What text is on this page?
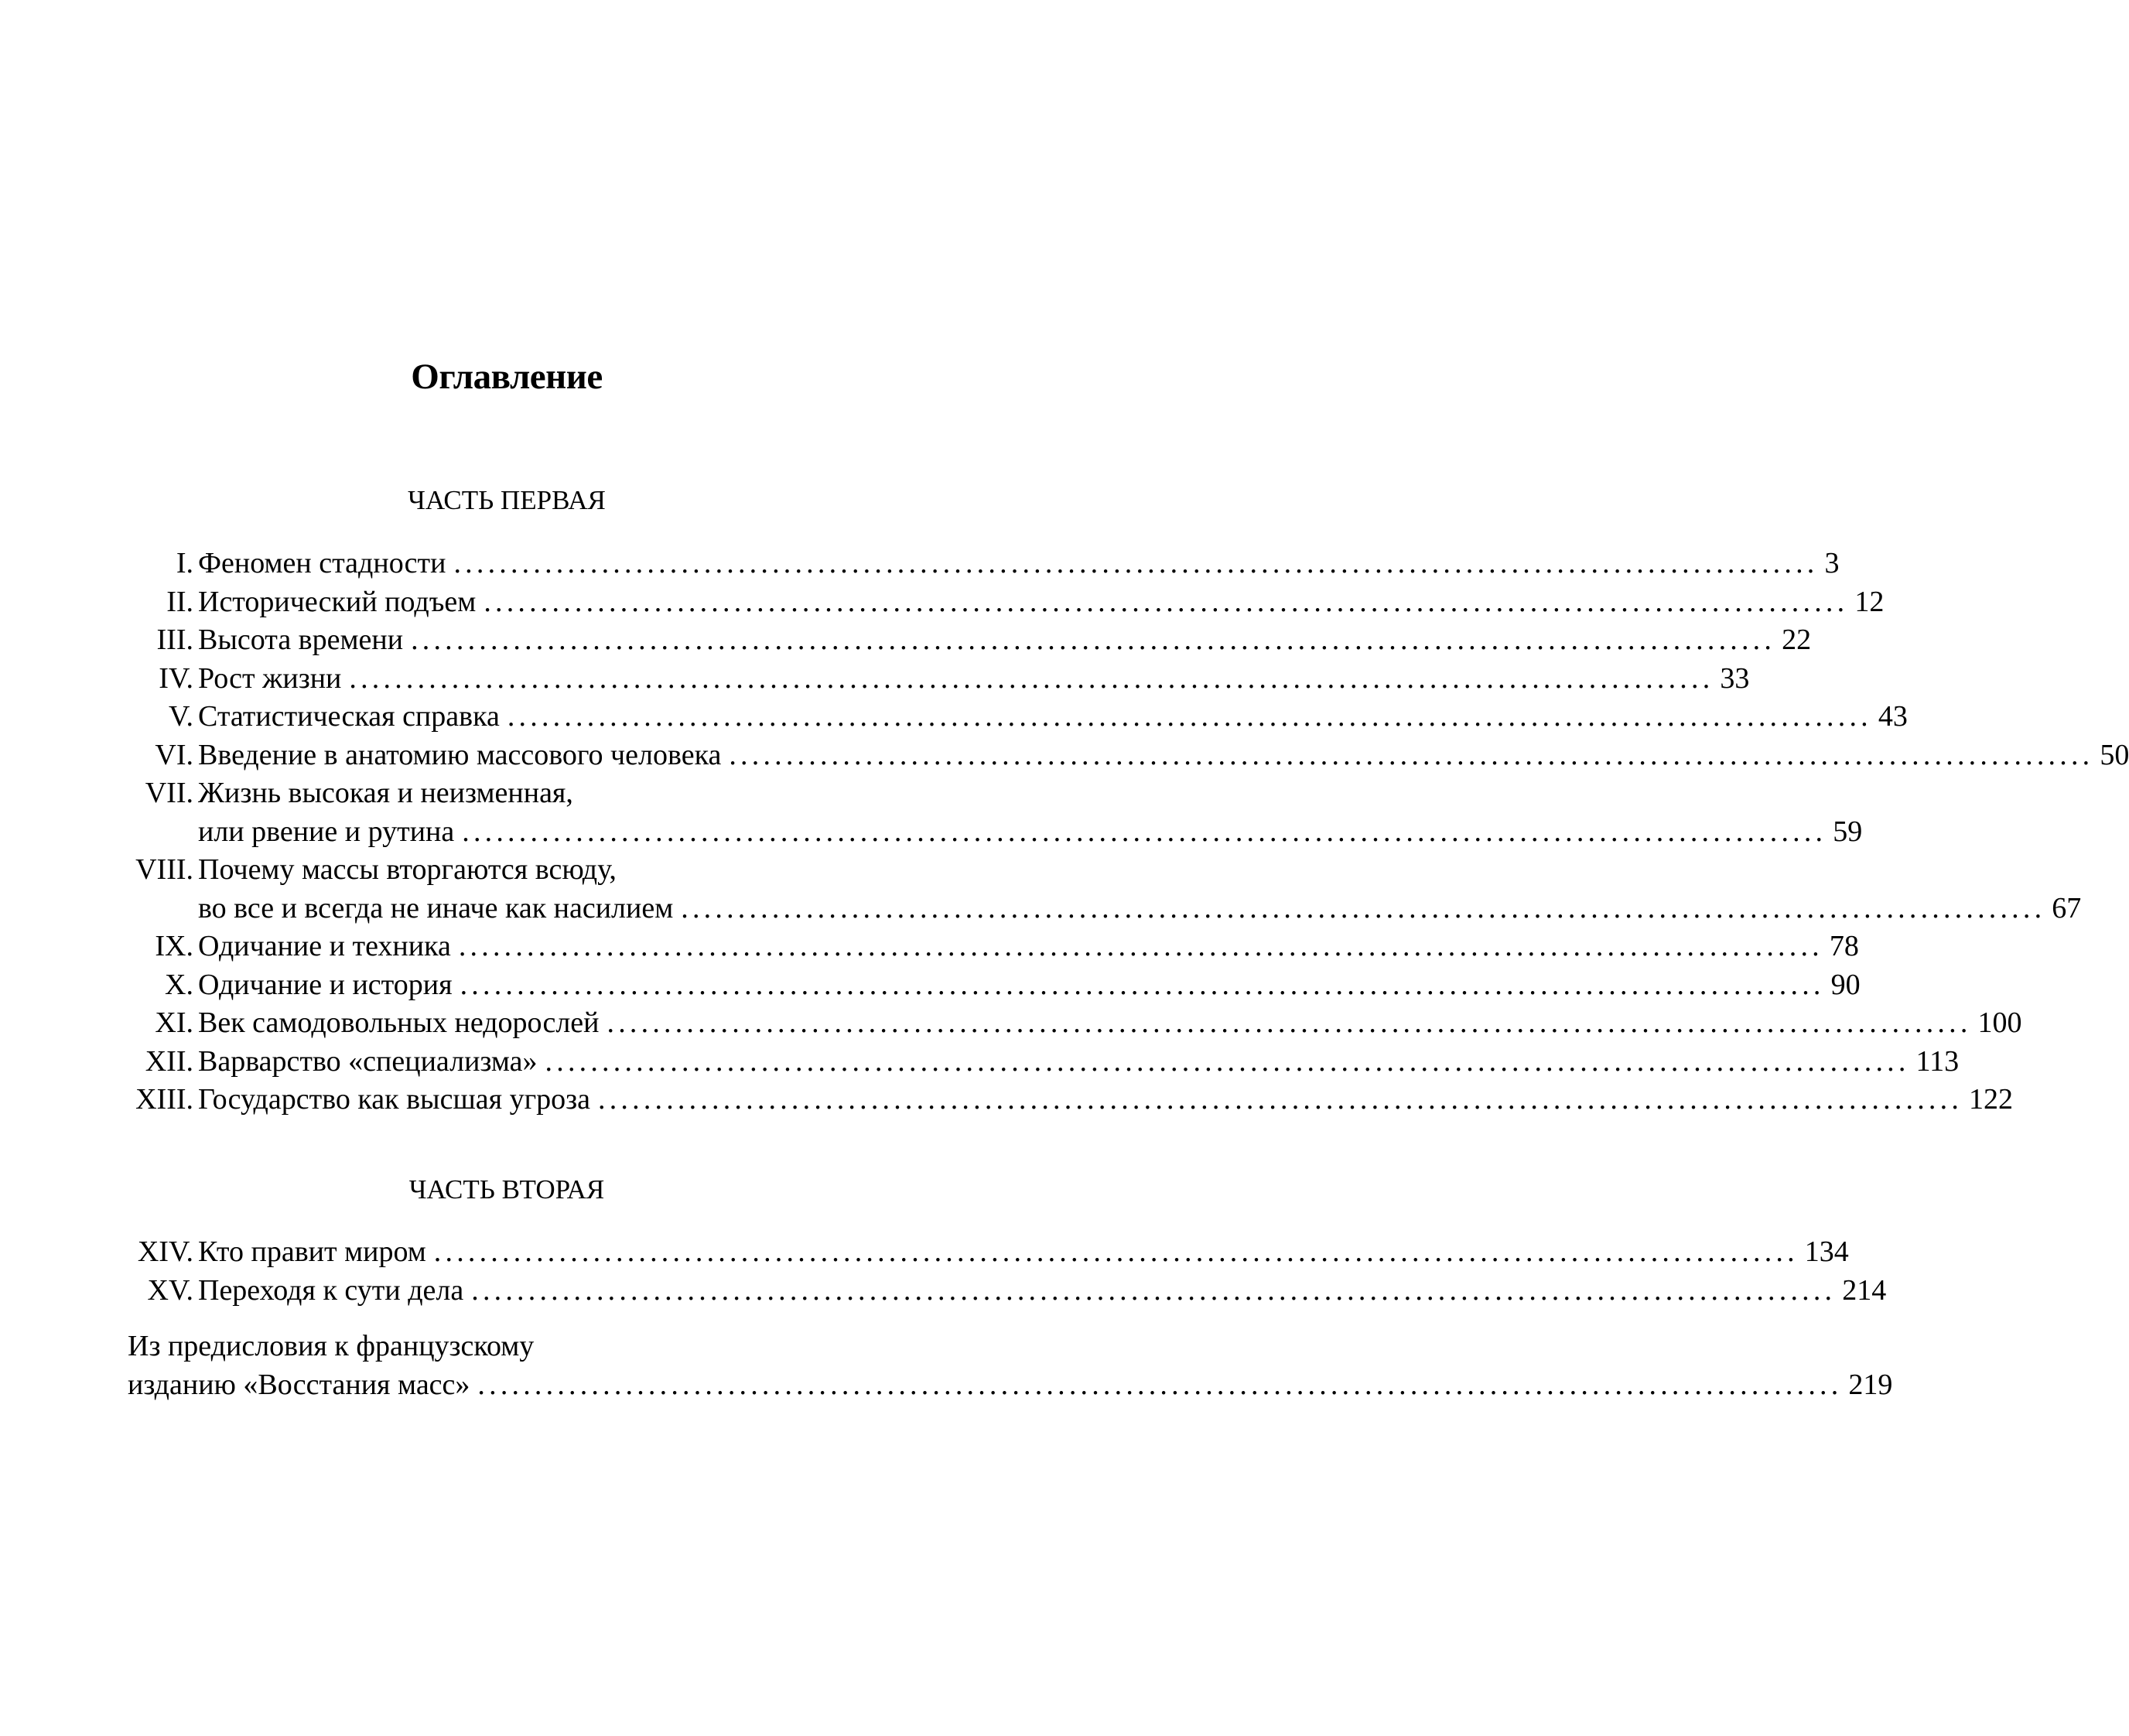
Оглавление
ЧАСТЬ ПЕРВАЯ
I. Феномен стадности ........................................................................................................................ 3
II. Исторический подъем ........................................................................................................................ 12
III. Высота времени ........................................................................................................................ 22
IV. Рост жизни ........................................................................................................................ 33
V. Статистическая справка ........................................................................................................................ 43
VI. Введение в анатомию массового человека ........................................................................................................................ 50
VII. Жизнь высокая и неизменная,
или рвение и рутина ........................................................................................................................ 59
VIII. Почему массы вторгаются всюду,
во все и всегда не иначе как насилием ........................................................................................................................ 67
IX. Одичание и техника ........................................................................................................................ 78
X. Одичание и история ........................................................................................................................ 90
XI. Век самодовольных недорослей ........................................................................................................................ 100
XII. Варварство «специализма» ........................................................................................................................ 113
XIII. Государство как высшая угроза ........................................................................................................................ 122
ЧАСТЬ ВТОРАЯ
XIV. Кто правит миром ........................................................................................................................ 134
XV. Переходя к сути дела ........................................................................................................................ 214
Из предисловия к французскому
изданию «Восстания масс» ........................................................................................................................ 219
